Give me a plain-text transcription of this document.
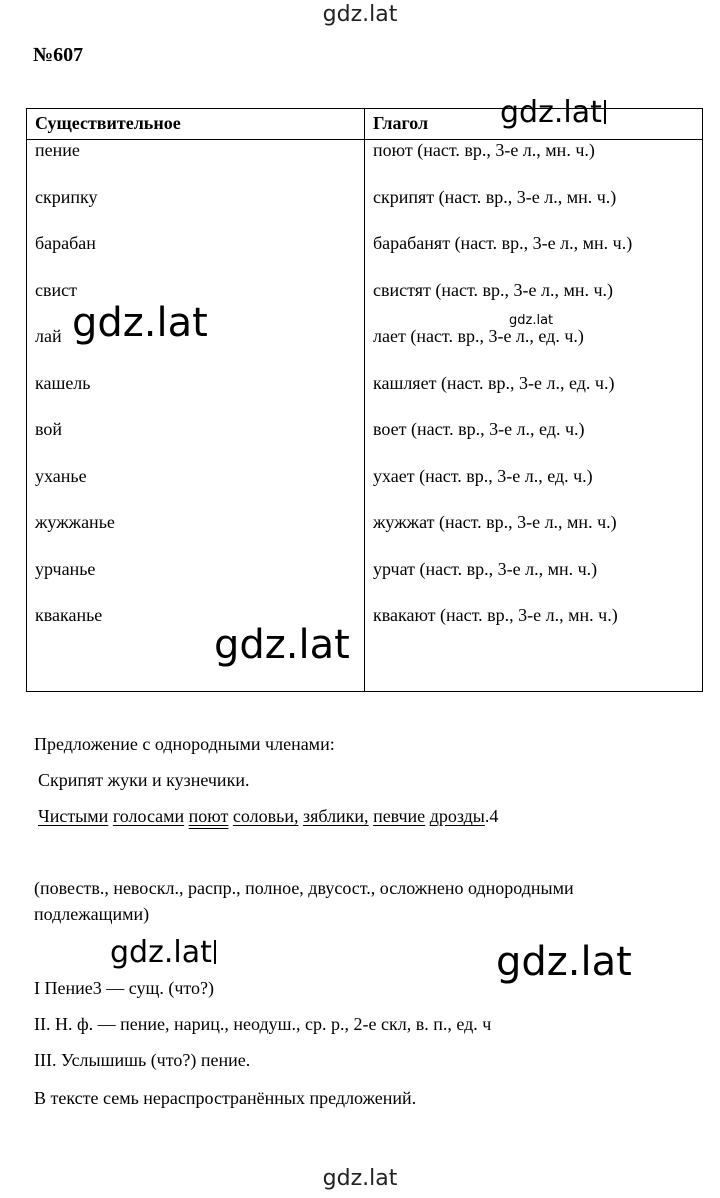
gdz.lat
№607
Существительное	Глагол
пение	поют (наст. вр., 3-е л., мн. ч.)
скрипку	скрипят (наст. вр., 3-е л., мн. ч.)
барабан	барабанят (наст. вр., 3-е л., мн. ч.)
свист	свистят (наст. вр., 3-е л., мн. ч.)
лай	лает (наст. вр., 3-е л., ед. ч.)
кашель	кашляет (наст. вр., 3-е л., ед. ч.)
вой	воет (наст. вр., 3-е л., ед. ч.)
уханье	ухает (наст. вр., 3-е л., ед. ч.)
жужжанье	жужжат (наст. вр., 3-е л., мн. ч.)
урчанье	урчат (наст. вр., 3-е л., мн. ч.)
кваканье	квакают (наст. вр., 3-е л., мн. ч.)

gdz.lat
gdz.lat	gdz.lat
gdz.lat
Предложение с однородными членами:
Скрипят жуки и кузнечики.
Чистыми голосами поют соловьи, зяблики, певчие дрозды.4
(повеств., невоскл., распр., полное, двусост., осложнено однородными
подлежащими)
gdz.lat	gdz.lat
I Пение3 — сущ. (что?)
II. Н. ф. — пение, нариц., неодуш., ср. р., 2-е скл, в. п., ед. ч
III. Услышишь (что?) пение.
В тексте семь нераспространённых предложений.
gdz.lat
